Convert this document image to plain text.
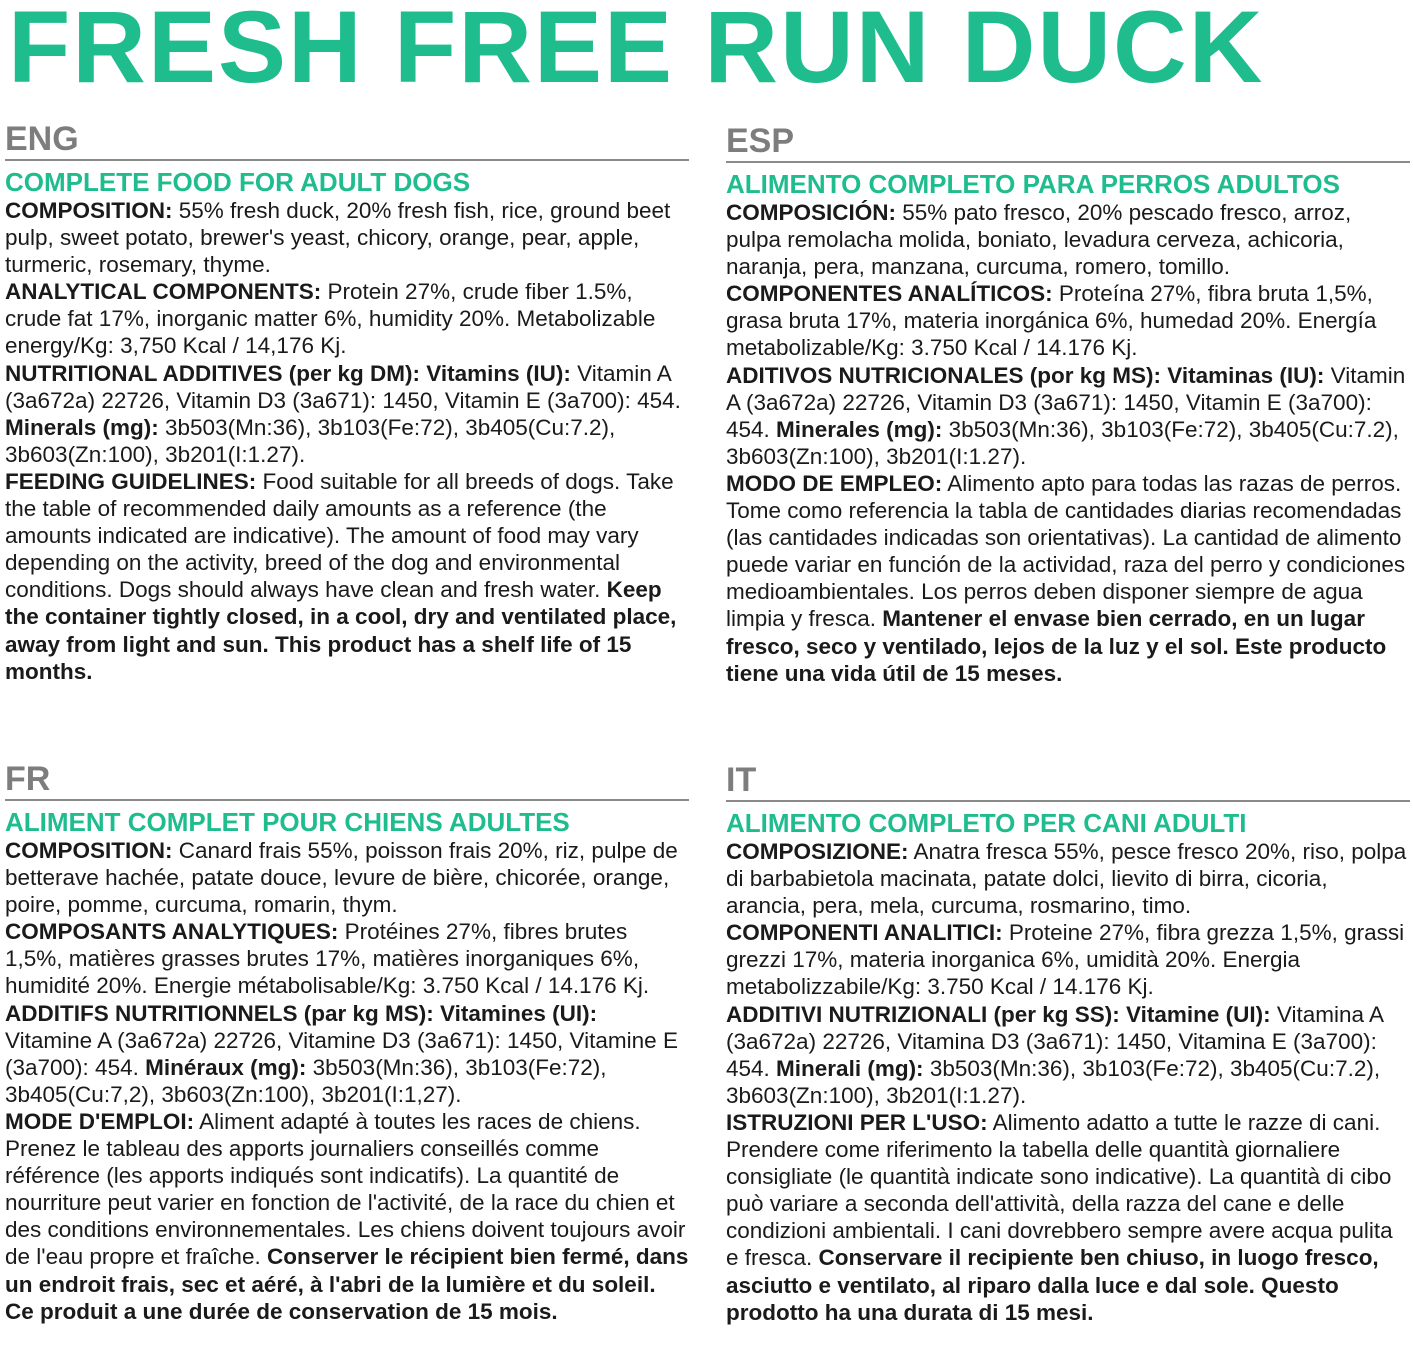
FRESH FREE RUN DUCK
ENG
COMPLETE FOOD FOR ADULT DOGS
COMPOSITION: 55% fresh duck, 20% fresh fish, rice, ground beet pulp, sweet potato, brewer's yeast, chicory, orange, pear, apple, turmeric, rosemary, thyme.
ANALYTICAL COMPONENTS: Protein 27%, crude fiber 1.5%, crude fat 17%, inorganic matter 6%, humidity 20%. Metabolizable energy/Kg: 3,750 Kcal / 14,176 Kj.
NUTRITIONAL ADDITIVES (per kg DM): Vitamins (IU): Vitamin A (3a672a) 22726, Vitamin D3 (3a671): 1450, Vitamin E (3a700): 454. Minerals (mg): 3b503(Mn:36), 3b103(Fe:72), 3b405(Cu:7.2), 3b603(Zn:100), 3b201(I:1.27).
FEEDING GUIDELINES: Food suitable for all breeds of dogs. Take the table of recommended daily amounts as a reference (the amounts indicated are indicative). The amount of food may vary depending on the activity, breed of the dog and environmental conditions. Dogs should always have clean and fresh water. Keep the container tightly closed, in a cool, dry and ventilated place, away from light and sun. This product has a shelf life of 15 months.
ESP
ALIMENTO COMPLETO PARA PERROS ADULTOS
COMPOSICIÓN: 55% pato fresco, 20% pescado fresco, arroz, pulpa remolacha molida, boniato, levadura cerveza, achicoria, naranja, pera, manzana, curcuma, romero, tomillo.
COMPONENTES ANALÍTICOS: Proteína 27%, fibra bruta 1,5%, grasa bruta 17%, materia inorgánica 6%, humedad 20%. Energía metabolizable/Kg: 3.750 Kcal / 14.176 Kj.
ADITIVOS NUTRICIONALES (por kg MS): Vitaminas (IU): Vitamin A (3a672a) 22726, Vitamin D3 (3a671): 1450, Vitamin E (3a700): 454. Minerales (mg): 3b503(Mn:36), 3b103(Fe:72), 3b405(Cu:7.2), 3b603(Zn:100), 3b201(I:1.27).
MODO DE EMPLEO: Alimento apto para todas las razas de perros. Tome como referencia la tabla de cantidades diarias recomendadas (las cantidades indicadas son orientativas). La cantidad de alimento puede variar en función de la actividad, raza del perro y condiciones medioambientales. Los perros deben disponer siempre de agua limpia y fresca. Mantener el envase bien cerrado, en un lugar fresco, seco y ventilado, lejos de la luz y el sol. Este producto tiene una vida útil de 15 meses.
FR
ALIMENT COMPLET POUR CHIENS ADULTES
COMPOSITION: Canard frais 55%, poisson frais 20%, riz, pulpe de betterave hachée, patate douce, levure de bière, chicorée, orange, poire, pomme, curcuma, romarin, thym.
COMPOSANTS ANALYTIQUES: Protéines 27%, fibres brutes 1,5%, matières grasses brutes 17%, matières inorganiques 6%, humidité 20%. Energie métabolisable/Kg: 3.750 Kcal / 14.176 Kj.
ADDITIFS NUTRITIONNELS (par kg MS): Vitamines (UI): Vitamine A (3a672a) 22726, Vitamine D3 (3a671): 1450, Vitamine E (3a700): 454. Minéraux (mg): 3b503(Mn:36), 3b103(Fe:72), 3b405(Cu:7,2), 3b603(Zn:100), 3b201(I:1,27).
MODE D'EMPLOI: Aliment adapté à toutes les races de chiens. Prenez le tableau des apports journaliers conseillés comme référence (les apports indiqués sont indicatifs). La quantité de nourriture peut varier en fonction de l'activité, de la race du chien et des conditions environnementales. Les chiens doivent toujours avoir de l'eau propre et fraîche. Conserver le récipient bien fermé, dans un endroit frais, sec et aéré, à l'abri de la lumière et du soleil. Ce produit a une durée de conservation de 15 mois.
IT
ALIMENTO COMPLETO PER CANI ADULTI
COMPOSIZIONE: Anatra fresca 55%, pesce fresco 20%, riso, polpa di barbabietola macinata, patate dolci, lievito di birra, cicoria, arancia, pera, mela, curcuma, rosmarino, timo.
COMPONENTI ANALITICI: Proteine 27%, fibra grezza 1,5%, grassi grezzi 17%, materia inorganica 6%, umidità 20%. Energia metabolizzabile/Kg: 3.750 Kcal / 14.176 Kj.
ADDITIVI NUTRIZIONALI (per kg SS): Vitamine (UI): Vitamina A (3a672a) 22726, Vitamina D3 (3a671): 1450, Vitamina E (3a700): 454. Minerali (mg): 3b503(Mn:36), 3b103(Fe:72), 3b405(Cu:7.2), 3b603(Zn:100), 3b201(I:1.27).
ISTRUZIONI PER L'USO: Alimento adatto a tutte le razze di cani. Prendere come riferimento la tabella delle quantità giornaliere consigliate (le quantità indicate sono indicative). La quantità di cibo può variare a seconda dell'attività, della razza del cane e delle condizioni ambientali. I cani dovrebbero sempre avere acqua pulita e fresca. Conservare il recipiente ben chiuso, in luogo fresco, asciutto e ventilato, al riparo dalla luce e dal sole. Questo prodotto ha una durata di 15 mesi.
